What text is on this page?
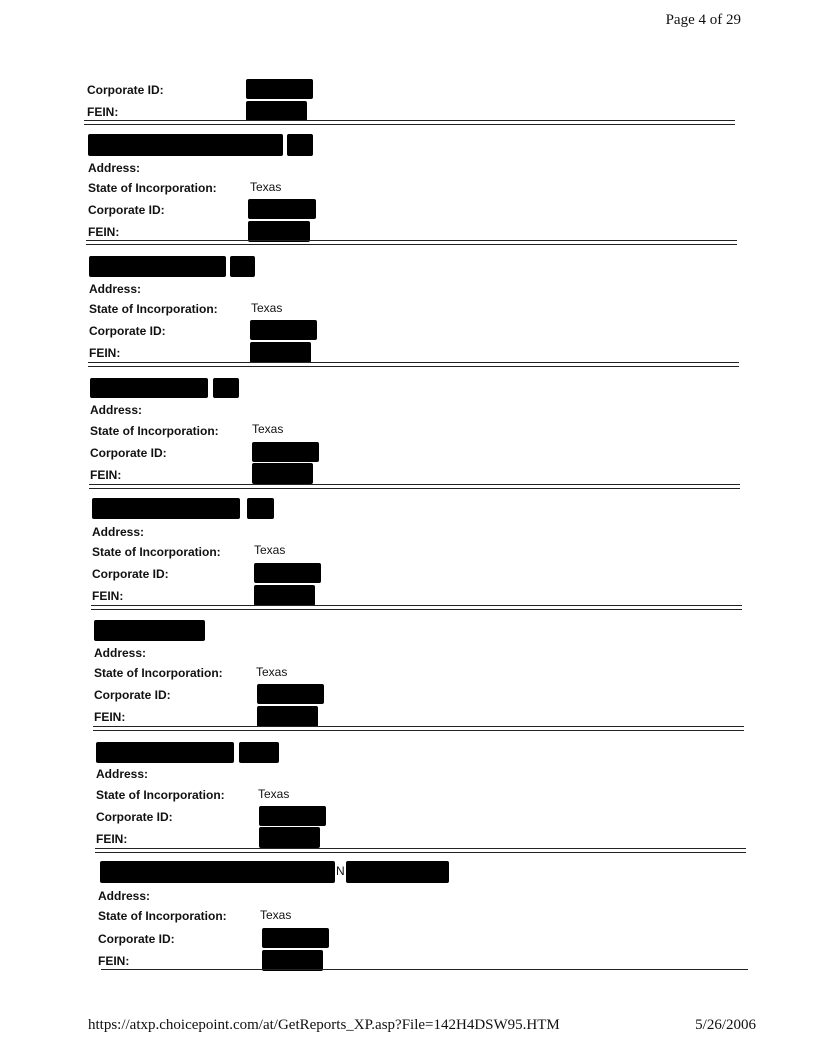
Page 4 of 29
Corporate ID:
FEIN:
Address:
State of Incorporation:	Texas
Corporate ID:
FEIN:
Address:
State of Incorporation:	Texas
Corporate ID:
FEIN:
Address:
State of Incorporation:	Texas
Corporate ID:
FEIN:
Address:
State of Incorporation:	Texas
Corporate ID:
FEIN:
Address:
State of Incorporation:	Texas
Corporate ID:
FEIN:
Address:
State of Incorporation:	Texas
Corporate ID:
FEIN:
N
Address:
State of Incorporation:	Texas
Corporate ID:
FEIN:
https://atxp.choicepoint.com/at/GetReports_XP.asp?File=142H4DSW95.HTM	5/26/2006
